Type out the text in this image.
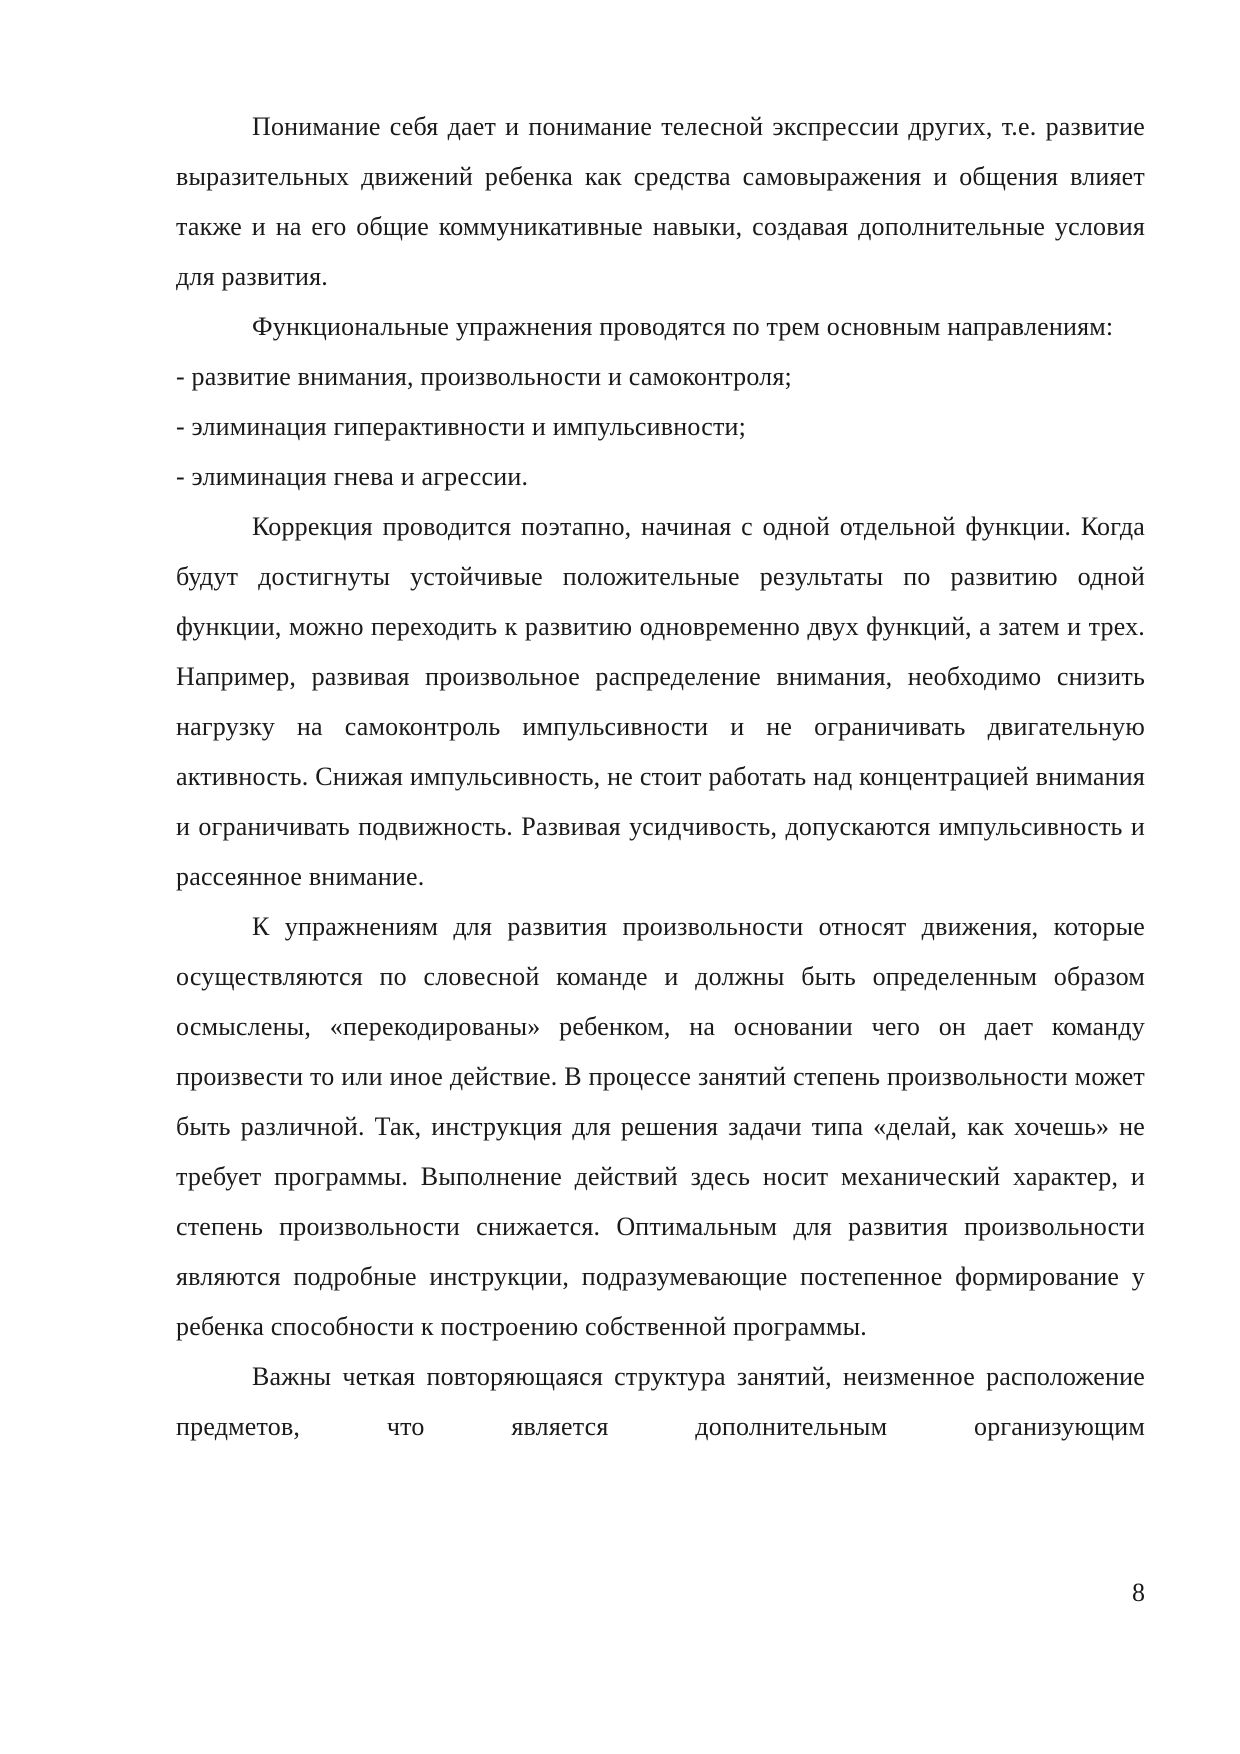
Понимание себя дает и понимание телесной экспрессии других, т.е. развитие выразительных движений ребенка как средства самовыражения и общения влияет также и на его общие коммуникативные навыки, создавая дополнительные условия для развития.

Функциональные упражнения проводятся по трем основным направлениям:

- развитие внимания, произвольности и самоконтроля;

- элиминация гиперактивности и импульсивности;

- элиминация гнева и агрессии.

Коррекция проводится поэтапно, начиная с одной отдельной функции. Когда будут достигнуты устойчивые положительные результаты по развитию одной функции, можно переходить к развитию одновременно двух функций, а затем и трех. Например, развивая произвольное распределение внимания, необходимо снизить нагрузку на самоконтроль импульсивности и не ограничивать двигательную активность. Снижая импульсивность, не стоит работать над концентрацией внимания и ограничивать подвижность. Развивая усидчивость, допускаются импульсивность и рассеянное внимание.

К упражнениям для развития произвольности относят движения, которые осуществляются по словесной команде и должны быть определенным образом осмыслены, «перекодированы» ребенком, на основании чего он дает команду произвести то или иное действие. В процессе занятий степень произвольности может быть различной. Так, инструкция для решения задачи типа «делай, как хочешь» не требует программы. Выполнение действий здесь носит механический характер, и степень произвольности снижается. Оптимальным для развития произвольности являются подробные инструкции, подразумевающие постепенное формирование у ребенка способности к построению собственной программы.

Важны четкая повторяющаяся структура занятий, неизменное расположение предметов, что является дополнительным организующим

8
